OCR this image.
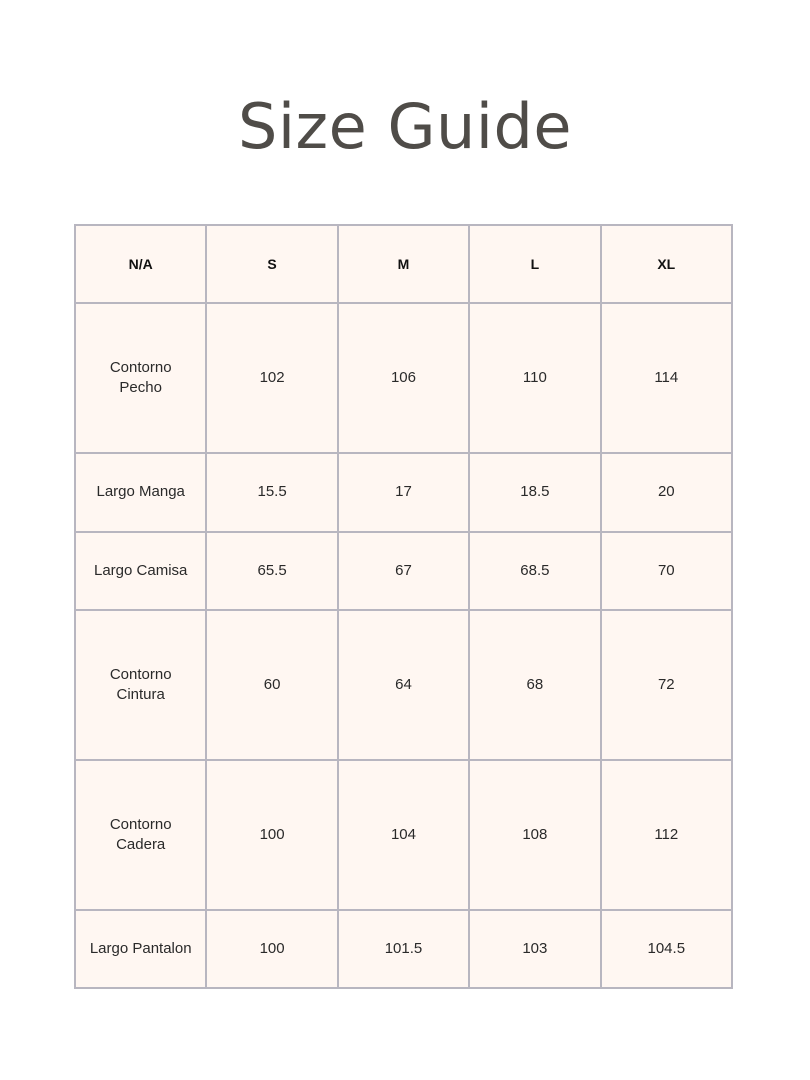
Size Guide
N/A	S	M	L	XL
Contorno Pecho	102	106	110	114
Largo Manga	15.5	17	18.5	20
Largo Camisa	65.5	67	68.5	70
Contorno Cintura	60	64	68	72
Contorno Cadera	100	104	108	112
Largo Pantalon	100	101.5	103	104.5
